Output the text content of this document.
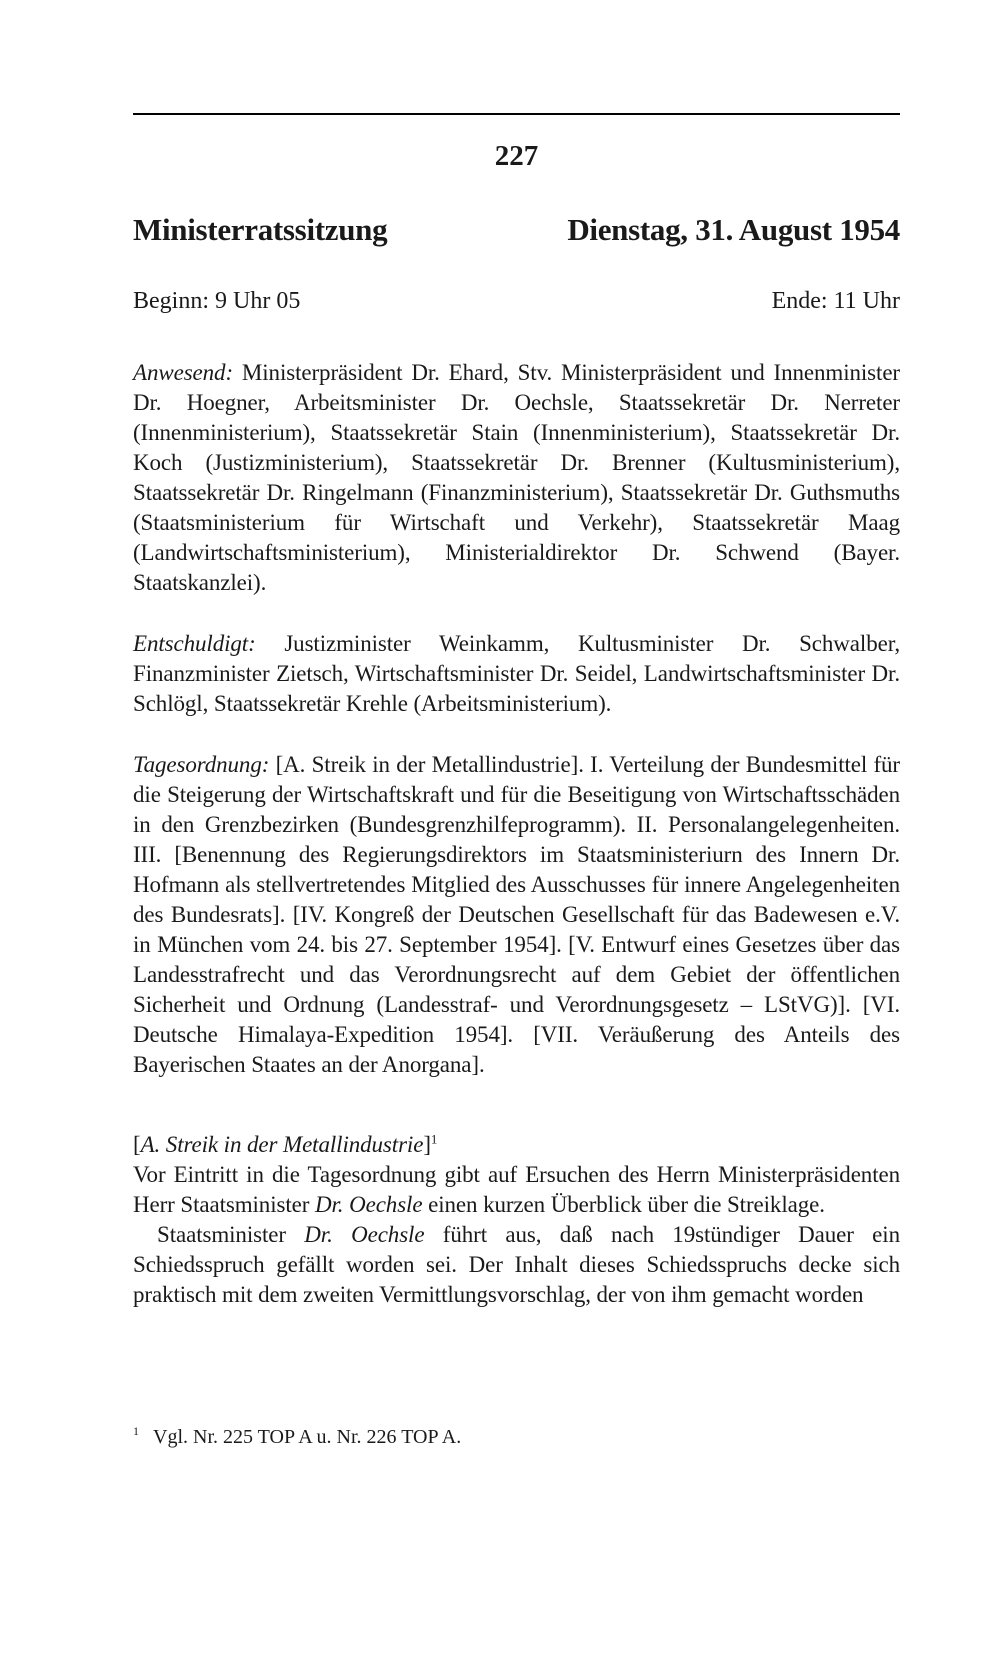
227
Ministerratssitzung	Dienstag, 31. August 1954
Beginn: 9 Uhr 05	Ende: 11 Uhr

Anwesend: Ministerpräsident Dr. Ehard, Stv. Ministerpräsident und Innenminister Dr. Hoegner, Arbeitsminister Dr. Oechsle, Staatssekretär Dr. Nerreter (Innenministerium), Staatssekretär Stain (Innenministerium), Staatssekretär Dr. Koch (Justizministerium), Staatssekretär Dr. Brenner (Kultusministerium), Staatssekretär Dr. Ringelmann (Finanzministerium), Staatssekretär Dr. Guthsmuths (Staatsministerium für Wirtschaft und Verkehr), Staatssekretär Maag (Landwirtschaftsministerium), Ministerialdirektor Dr. Schwend (Bayer. Staatskanzlei).

Entschuldigt: Justizminister Weinkamm, Kultusminister Dr. Schwalber, Finanzminister Zietsch, Wirtschaftsminister Dr. Seidel, Landwirtschaftsminister Dr. Schlögl, Staatssekretär Krehle (Arbeitsministerium).

Tagesordnung: [A. Streik in der Metallindustrie]. I. Verteilung der Bundesmittel für die Steigerung der Wirtschaftskraft und für die Beseitigung von Wirtschaftsschäden in den Grenzbezirken (Bundesgrenzhilfeprogramm). II. Personalangelegenheiten. III. [Benennung des Regierungsdirektors im Staatsministeriurn des Innern Dr. Hofmann als stellvertretendes Mitglied des Ausschusses für innere Angelegenheiten des Bundesrats]. [IV. Kongreß der Deutschen Gesellschaft für das Badewesen e.V. in München vom 24. bis 27. September 1954]. [V. Entwurf eines Gesetzes über das Landesstrafrecht und das Verordnungsrecht auf dem Gebiet der öffentlichen Sicherheit und Ordnung (Landesstraf- und Verordnungsgesetz – LStVG)]. [VI. Deutsche Himalaya-Expedition 1954]. [VII. Veräußerung des Anteils des Bayerischen Staates an der Anorgana].

[A. Streik in der Metallindustrie]$^1$

Vor Eintritt in die Tagesordnung gibt auf Ersuchen des Herrn Ministerpräsidenten Herr Staatsminister Dr. Oechsle einen kurzen Überblick über die Streiklage.

Staatsminister Dr. Oechsle führt aus, daß nach 19stündiger Dauer ein Schiedsspruch gefällt worden sei. Der Inhalt dieses Schiedsspruchs decke sich praktisch mit dem zweiten Vermittlungsvorschlag, der von ihm gemacht worden

$^1$ Vgl. Nr. 225 TOP A u. Nr. 226 TOP A.
